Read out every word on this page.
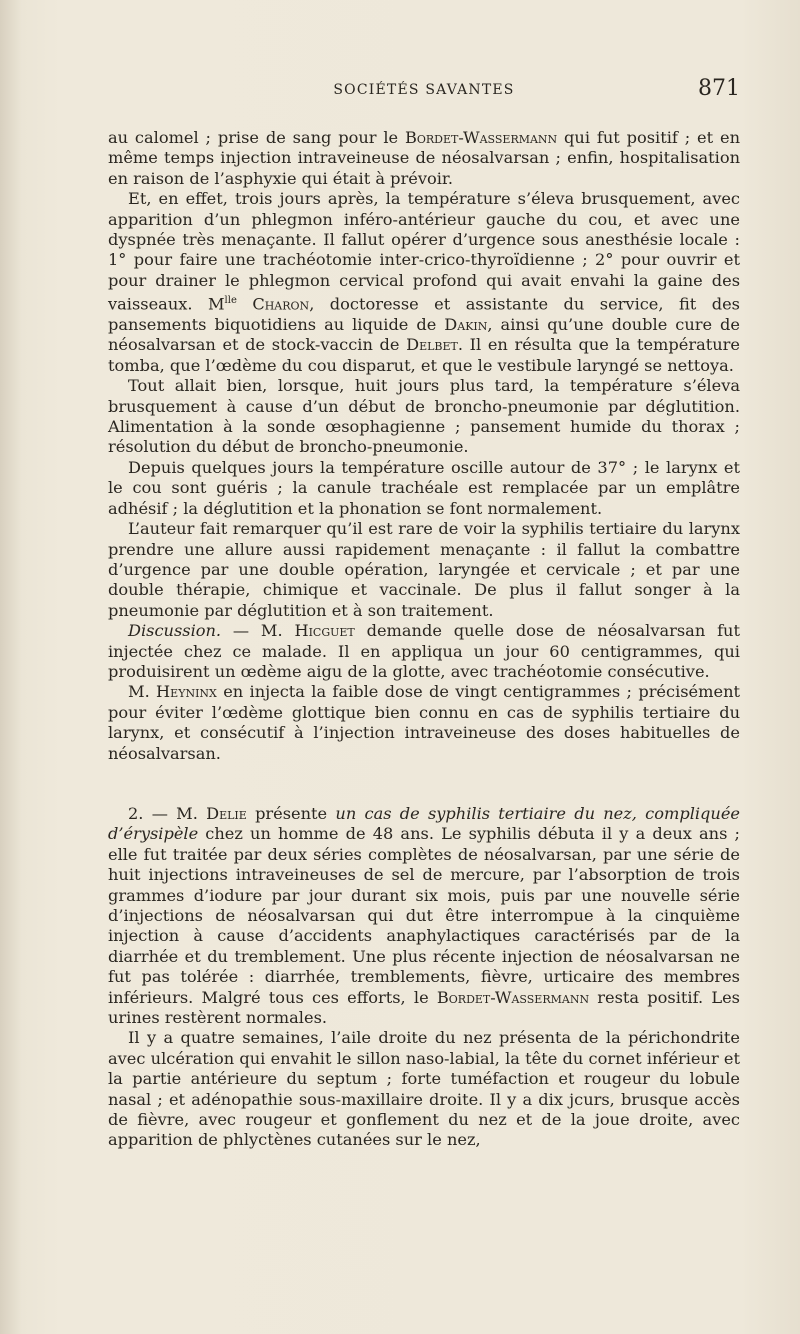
SOCIÉTÉS SAVANTES	871

au calomel ; prise de sang pour le Bordet-Wassermann qui fut positif ; et en même temps injection intraveineuse de néosalvarsan ; enfin, hospitalisation en raison de l’asphyxie qui était à prévoir.

Et, en effet, trois jours après, la température s’éleva brusquement, avec apparition d’un phlegmon inféro-antérieur gauche du cou, et avec une dyspnée très menaçante. Il fallut opérer d’urgence sous anesthésie locale : 1° pour faire une trachéotomie inter-crico-thyroïdienne ; 2° pour ouvrir et pour drainer le phlegmon cervical profond qui avait envahi la gaine des vaisseaux. $M^{lle}$ Charon, doctoresse et assistante du service, fit des pansements biquotidiens au liquide de Dakin, ainsi qu’une double cure de néosalvarsan et de stock-vaccin de Delbet. Il en résulta que la température tomba, que l’œdème du cou disparut, et que le vestibule laryngé se nettoya.

Tout allait bien, lorsque, huit jours plus tard, la température s’éleva brusquement à cause d’un début de broncho-pneumonie par déglutition. Alimentation à la sonde œsophagienne ; pansement humide du thorax ; résolution du début de broncho-pneumonie.

Depuis quelques jours la température oscille autour de 37° ; le larynx et le cou sont guéris ; la canule trachéale est remplacée par un emplâtre adhésif ; la déglutition et la phonation se font normalement.

L’auteur fait remarquer qu’il est rare de voir la syphilis tertiaire du larynx prendre une allure aussi rapidement menaçante : il fallut la combattre d’urgence par une double opération, laryngée et cervicale ; et par une double thérapie, chimique et vaccinale. De plus il fallut songer à la pneumonie par déglutition et à son traitement.

Discussion. — M. Hicguet demande quelle dose de néosalvarsan fut injectée chez ce malade. Il en appliqua un jour 60 centigrammes, qui produisirent un œdème aigu de la glotte, avec trachéotomie consécutive.

M. Heyninx en injecta la faible dose de vingt centigrammes ; précisément pour éviter l’œdème glottique bien connu en cas de syphilis tertiaire du larynx, et consécutif à l’injection intraveineuse des doses habituelles de néosalvarsan.

2. — M. Delie présente un cas de syphilis tertiaire du nez, compliquée d’érysipèle chez un homme de 48 ans. Le syphilis débuta il y a deux ans ; elle fut traitée par deux séries complètes de néosalvarsan, par une série de huit injections intraveineuses de sel de mercure, par l’absorption de trois grammes d’iodure par jour durant six mois, puis par une nouvelle série d’injections de néosalvarsan qui dut être interrompue à la cinquième injection à cause d’accidents anaphylactiques caractérisés par de la diarrhée et du tremblement. Une plus récente injection de néosalvarsan ne fut pas tolérée : diarrhée, tremblements, fièvre, urticaire des membres inférieurs. Malgré tous ces efforts, le Bordet-Wassermann resta positif. Les urines restèrent normales.

Il y a quatre semaines, l’aile droite du nez présenta de la périchondrite avec ulcération qui envahit le sillon naso-labial, la tête du cornet inférieur et la partie antérieure du septum ; forte tuméfaction et rougeur du lobule nasal ; et adénopathie sous-maxillaire droite. Il y a dix jcurs, brusque accès de fièvre, avec rougeur et gonflement du nez et de la joue droite, avec apparition de phlyctènes cutanées sur le nez,
